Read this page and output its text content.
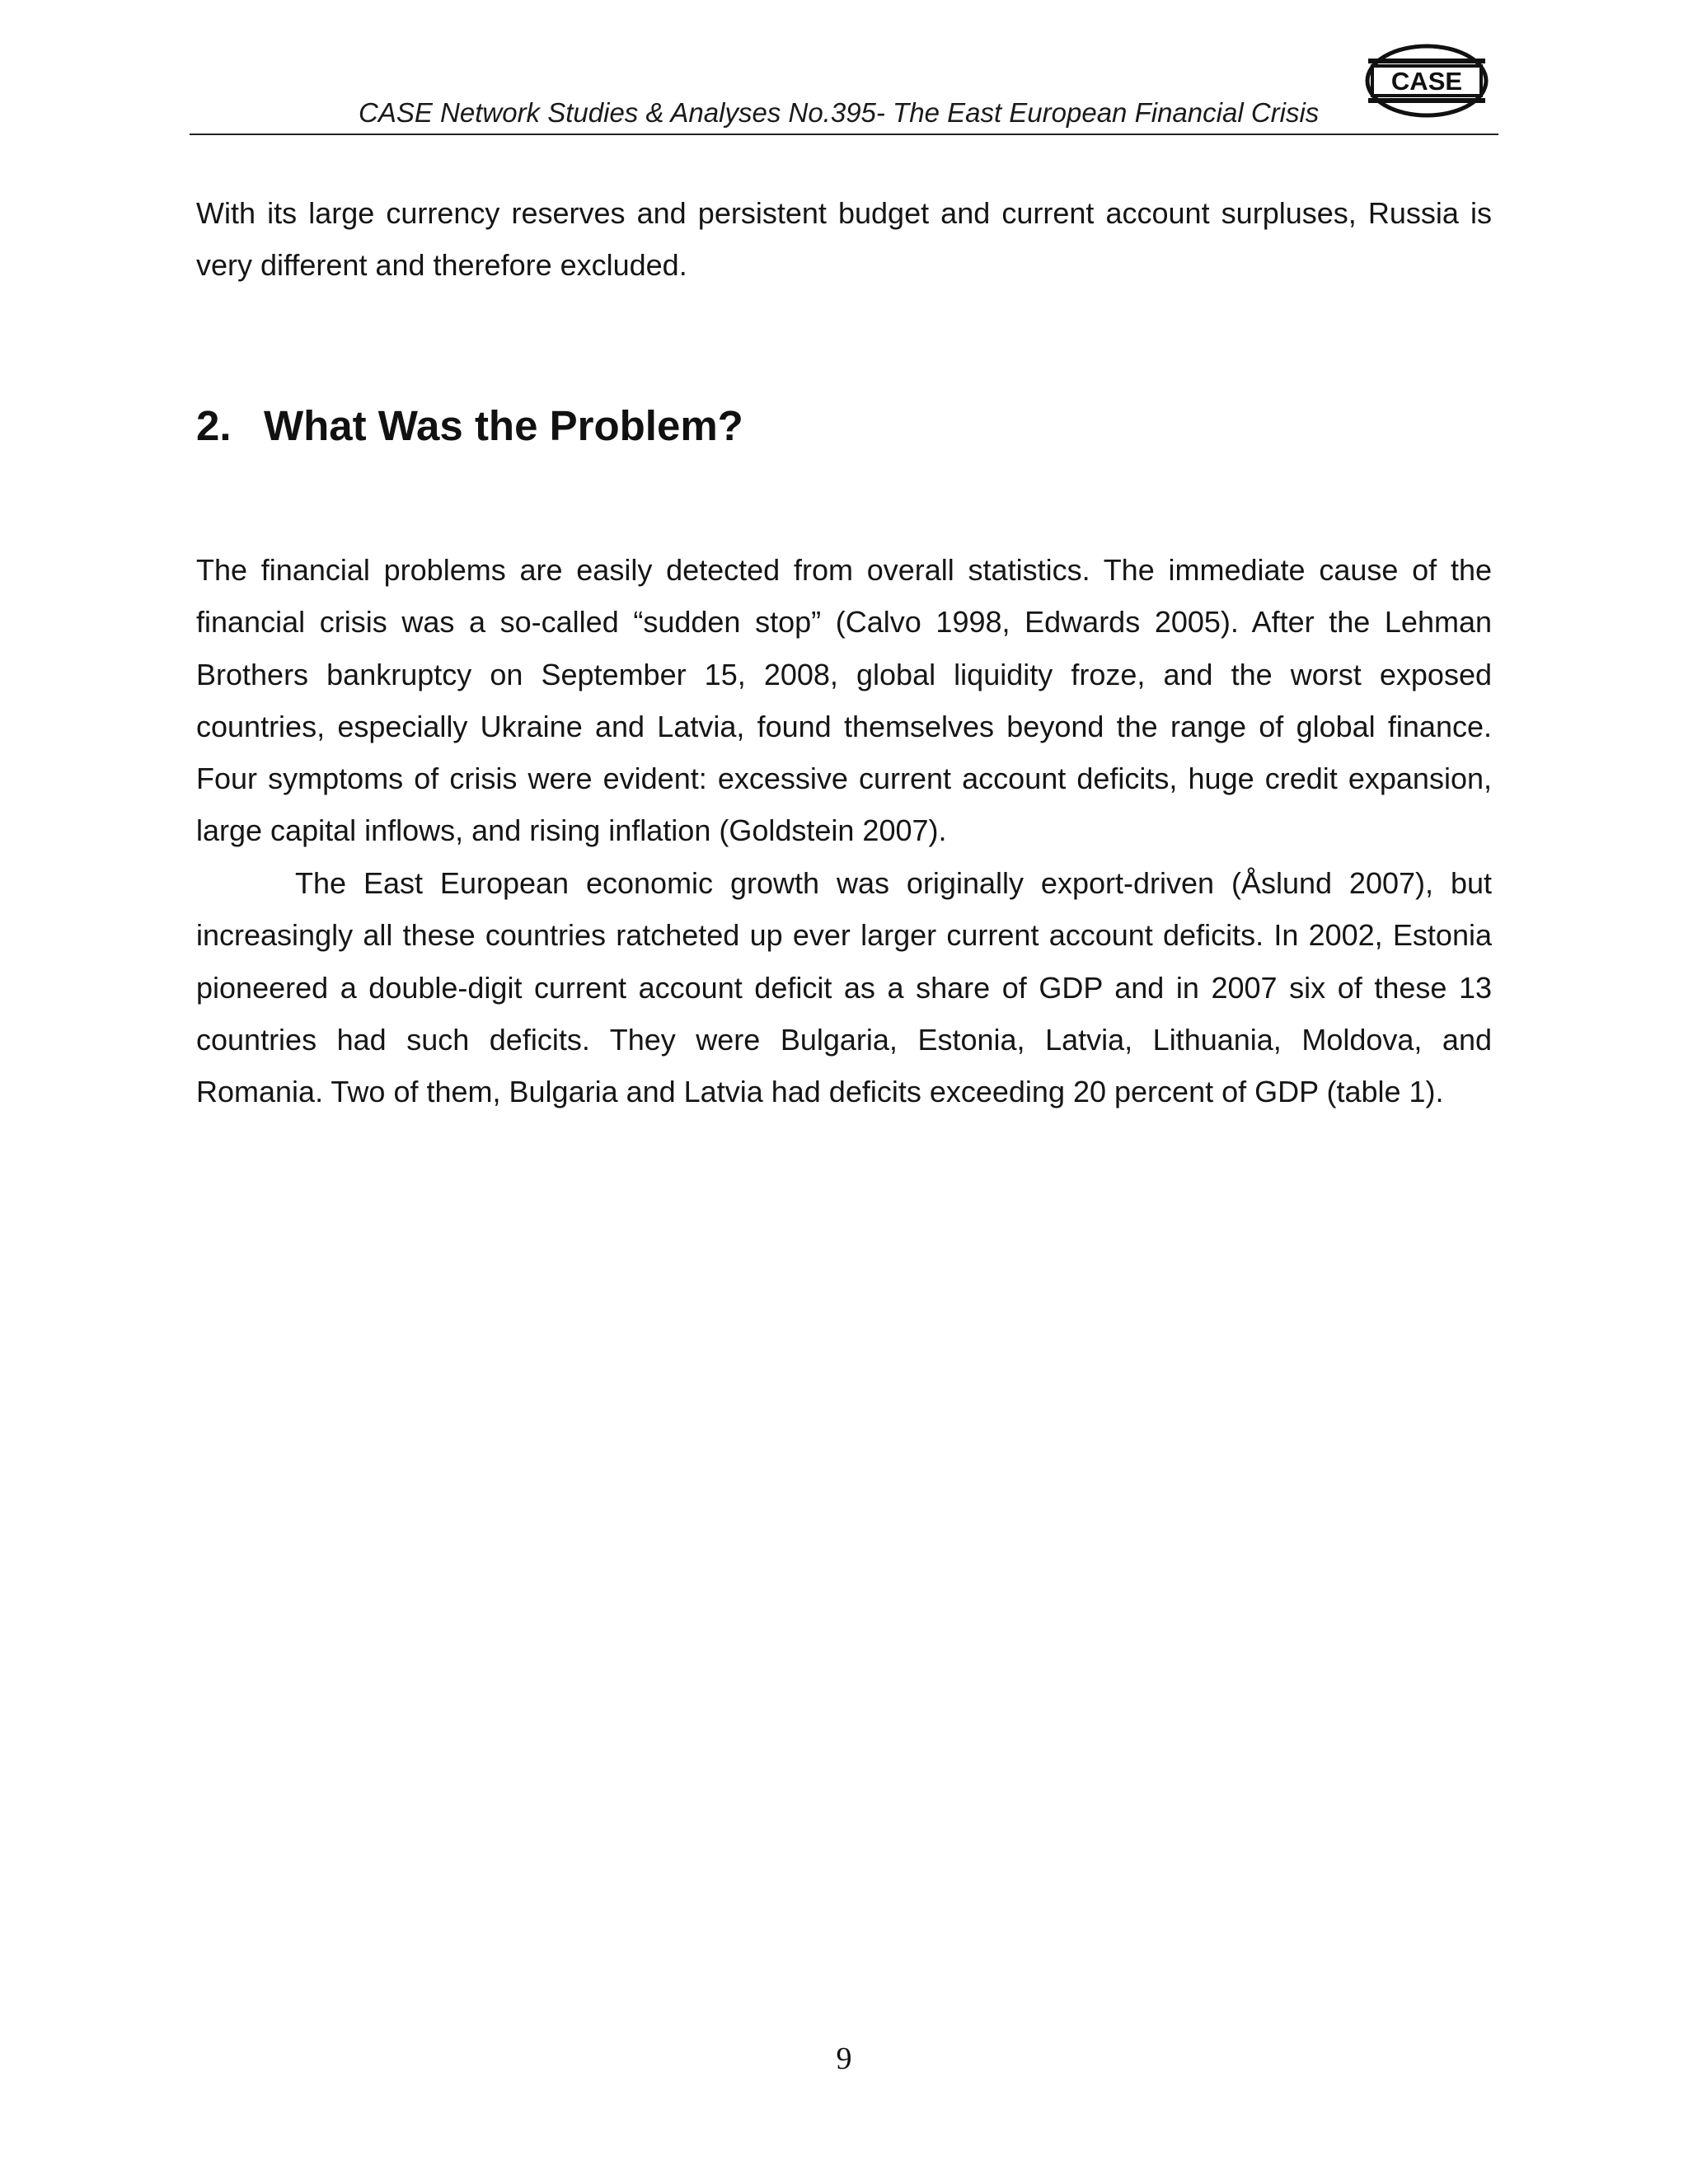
CASE Network Studies & Analyses No.395- The East European Financial Crisis
CASE

With its large currency reserves and persistent budget and current account surpluses, Russia is very different and therefore excluded.

2. What Was the Problem?

The financial problems are easily detected from overall statistics. The immediate cause of the financial crisis was a so-called “sudden stop” (Calvo 1998, Edwards 2005). After the Lehman Brothers bankruptcy on September 15, 2008, global liquidity froze, and the worst exposed countries, especially Ukraine and Latvia, found themselves beyond the range of global finance. Four symptoms of crisis were evident: excessive current account deficits, huge credit expansion, large capital inflows, and rising inflation (Goldstein 2007).

The East European economic growth was originally export-driven (Åslund 2007), but increasingly all these countries ratcheted up ever larger current account deficits. In 2002, Estonia pioneered a double-digit current account deficit as a share of GDP and in 2007 six of these 13 countries had such deficits. They were Bulgaria, Estonia, Latvia, Lithuania, Moldova, and Romania. Two of them, Bulgaria and Latvia had deficits exceeding 20 percent of GDP (table 1).

9
